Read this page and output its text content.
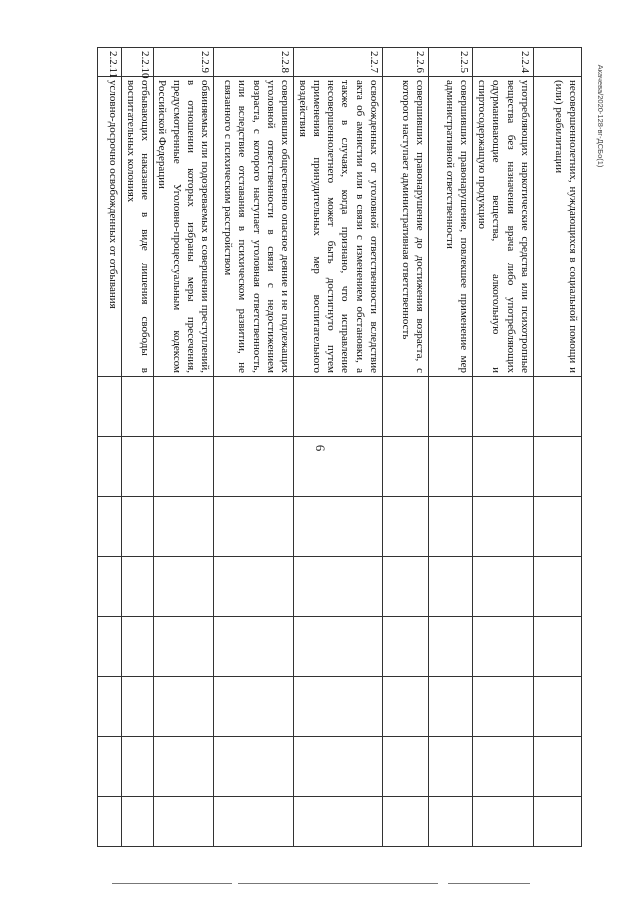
6
Акачева/2020-128-вг-ДСБо(1)
	несовершеннолетних, нуждающихся в социальной помощи и (или) реабилитации								
2.2.4	употребляющих наркотические средства или психотропные вещества без назначения врача либо употребляющих одурманивающие вещества, алкогольную и спиртосодержащую продукцию								
2.2.5	совершивших правонарушение, повлекшее применение мер административной ответственности								
2.2.6	совершивших правонарушение до достижения возраста, с которого наступает административная ответственность								
2.2.7	освобожденных от уголовной ответственности вследствие акта об амнистии или в связи с изменением обстановки, а также в случаях, когда признано, что исправление несовершеннолетнего может быть достигнуто путем применения принудительных мер воспитательного воздействия								
2.2.8	совершивших общественно опасное деяние и не подлежащих уголовной ответственности в связи с недостижением возраста, с которого наступает уголовная ответственность, или вследствие отставания в психическом развитии, не связанного с психическим расстройством								
2.2.9	обвиняемых или подозреваемых в совершении преступлений, в отношении которых избраны меры пресечения, предусмотренные Уголовно-процессуальным кодексом Российской Федерации								
2.2.10	отбывающих наказание в виде лишения свободы в воспитательных колониях								
2.2.11	условно-досрочно освобожденных от отбывания								
